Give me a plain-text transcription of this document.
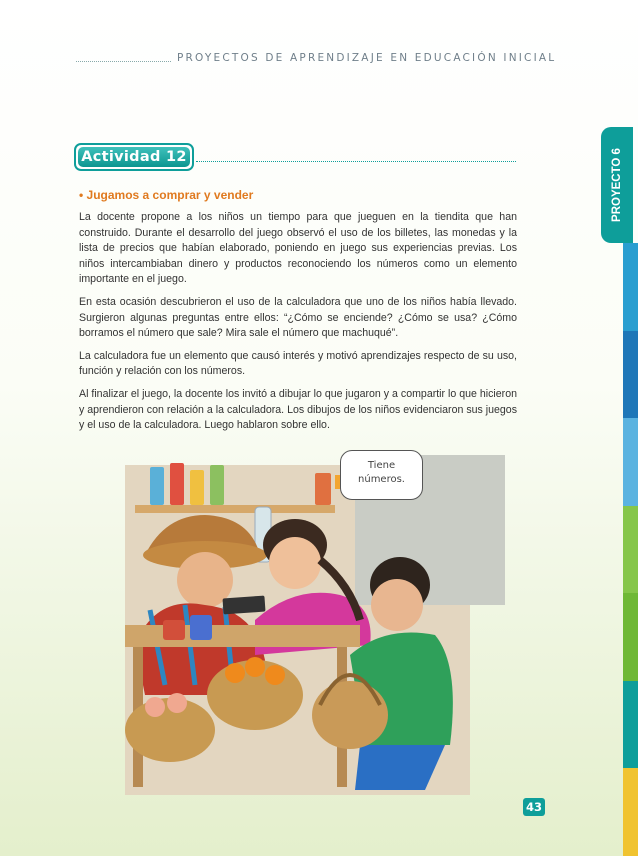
PROYECTOS DE APRENDIZAJE EN EDUCACIÓN INICIAL
PROYECTO 6
Actividad 12
• Jugamos a comprar y vender

La docente propone a los niños un tiempo para que jueguen en la tiendita que han construido. Durante el desarrollo del juego observó el uso de los billetes, las monedas y la lista de precios que habían elaborado, poniendo en juego sus experiencias previas. Los niños intercambiaban dinero y productos reconociendo los números como un elemento importante en el juego.

En esta ocasión descubrieron el uso de la calculadora que uno de los niños había llevado. Surgieron algunas preguntas entre ellos: “¿Cómo se enciende? ¿Cómo se usa? ¿Cómo borramos el número que sale? Mira sale el número que machuqué”.

La calculadora fue un elemento que causó interés y motivó aprendizajes respecto de su uso, función y relación con los números.

Al finalizar el juego, la docente los invitó a dibujar lo que jugaron y a compartir lo que hicieron y aprendieron con relación a la calculadora. Los dibujos de los niños evidenciaron sus juegos y el uso de la calculadora. Luego hablaron sobre ello.

Tiene
números.
43
